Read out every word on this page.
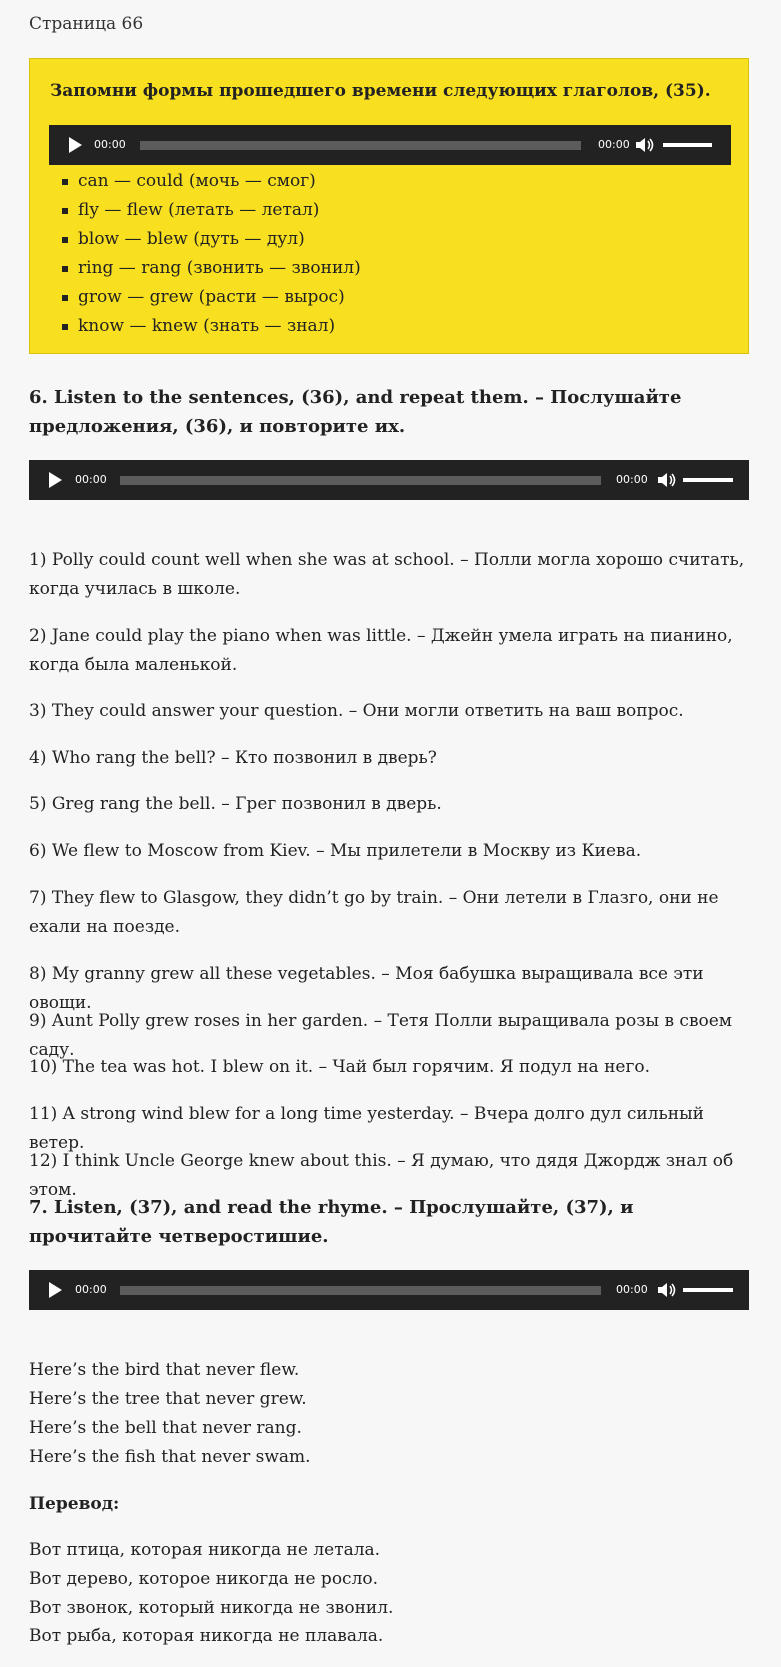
Страница 66
Запомни формы прошедшего времени следующих глаголов, (35).
00:00	00:00
can — could (мочь — смог)
fly — flew (летать — летал)
blow — blew (дуть — дул)
ring — rang (звонить — звонил)
grow — grew (расти — вырос)
know — knew (знать — знал)
6. Listen to the sentences, (36), and repeat them. – Послушайте предложения, (36), и повторите их.
00:00	00:00
1) Polly could count well when she was at school. – Полли могла хорошо считать, когда училась в школе.
2) Jane could play the piano when was little. – Джейн умела играть на пианино, когда была маленькой.
3) They could answer your question. – Они могли ответить на ваш вопрос.
4) Who rang the bell? – Кто позвонил в дверь?
5) Greg rang the bell. – Грег позвонил в дверь.
6) We flew to Moscow from Kiev. – Мы прилетели в Москву из Киева.
7) They flew to Glasgow, they didn’t go by train. – Они летели в Глазго, они не ехали на поезде.
8) My granny grew all these vegetables. – Моя бабушка выращивала все эти овощи.
9) Aunt Polly grew roses in her garden. – Тетя Полли выращивала розы в своем саду.
10) The tea was hot. I blew on it. – Чай был горячим. Я подул на него.
11) A strong wind blew for a long time yesterday. – Вчера долго дул сильный ветер.
12) I think Uncle George knew about this. – Я думаю, что дядя Джордж знал об этом.
7. Listen, (37), and read the rhyme. – Прослушайте, (37), и прочитайте четверостишие.
00:00	00:00
Here’s the bird that never flew.
Here’s the tree that never grew.
Here’s the bell that never rang.
Here’s the fish that never swam.
Перевод:
Вот птица, которая никогда не летала.
Вот дерево, которое никогда не росло.
Вот звонок, который никогда не звонил.
Вот рыба, которая никогда не плавала.
